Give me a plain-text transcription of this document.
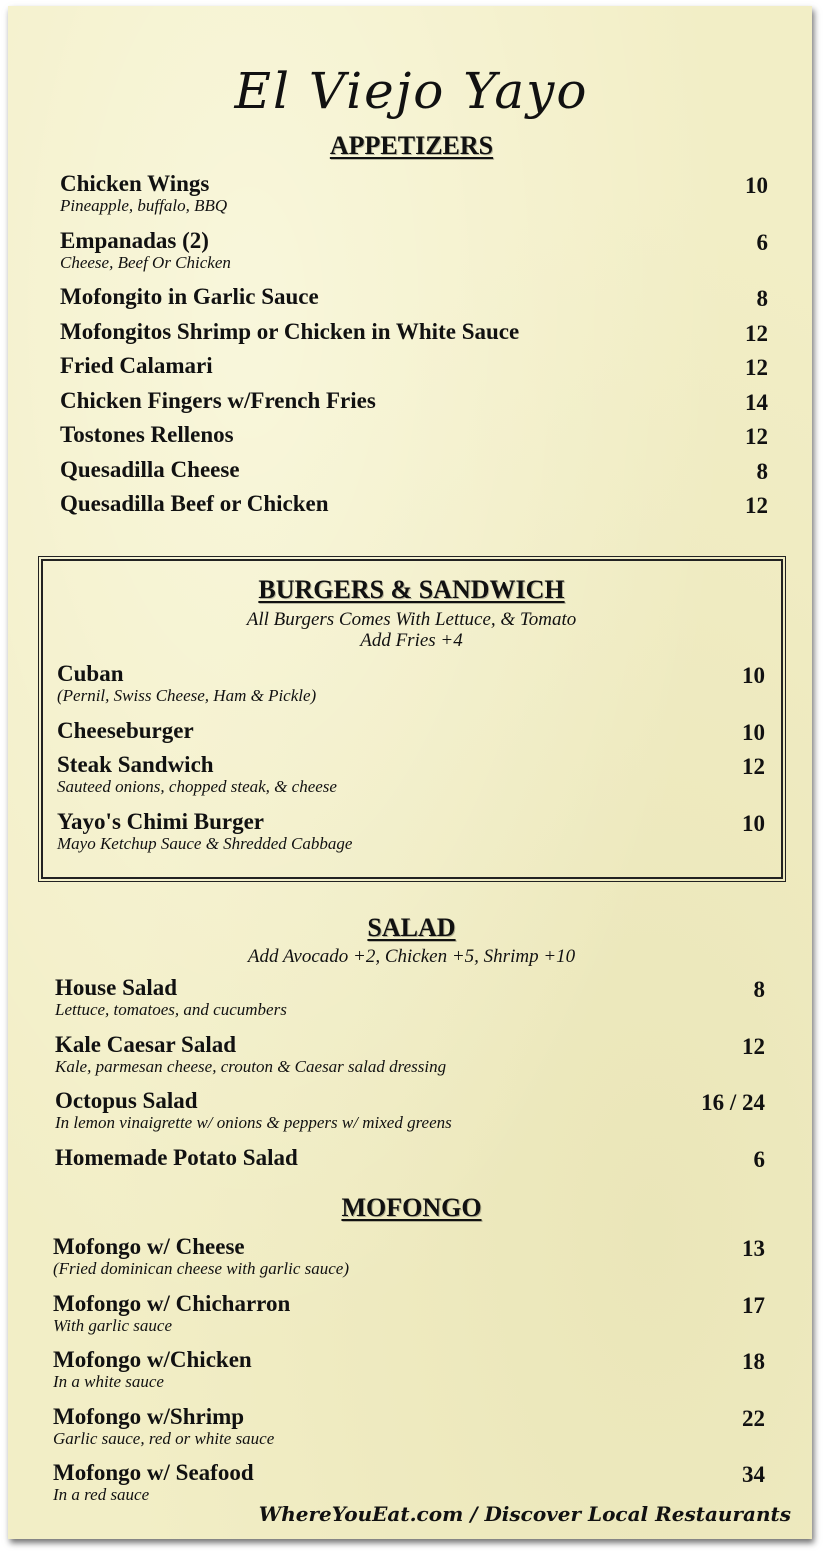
El Viejo Yayo
APPETIZERS
Chicken Wings
Pineapple, buffalo, BBQ
10
Empanadas (2)
Cheese, Beef Or Chicken
6
Mofongito in Garlic Sauce	8
Mofongitos Shrimp or Chicken in White Sauce	12
Fried Calamari	12
Chicken Fingers w/French Fries	14
Tostones Rellenos	12
Quesadilla Cheese	8
Quesadilla Beef or Chicken	12
BURGERS & SANDWICH
All Burgers Comes With Lettuce, & Tomato
Add Fries +4
Cuban
(Pernil, Swiss Cheese, Ham & Pickle)
10
Cheeseburger	10
Steak Sandwich
Sauteed onions, chopped steak, & cheese
12
Yayo's Chimi Burger
Mayo Ketchup Sauce & Shredded Cabbage
10
SALAD
Add Avocado +2, Chicken +5, Shrimp +10
House Salad
Lettuce, tomatoes, and cucumbers
8
Kale Caesar Salad
Kale, parmesan cheese, crouton & Caesar salad dressing
12
Octopus Salad
In lemon vinaigrette w/ onions & peppers w/ mixed greens
16 / 24
Homemade Potato Salad	6
MOFONGO
Mofongo w/ Cheese
(Fried dominican cheese with garlic sauce)
13
Mofongo w/ Chicharron
With garlic sauce
17
Mofongo w/Chicken
In a white sauce
18
Mofongo w/Shrimp
Garlic sauce, red or white sauce
22
Mofongo w/ Seafood
In a red sauce
34
WhereYouEat.com / Discover Local Restaurants
